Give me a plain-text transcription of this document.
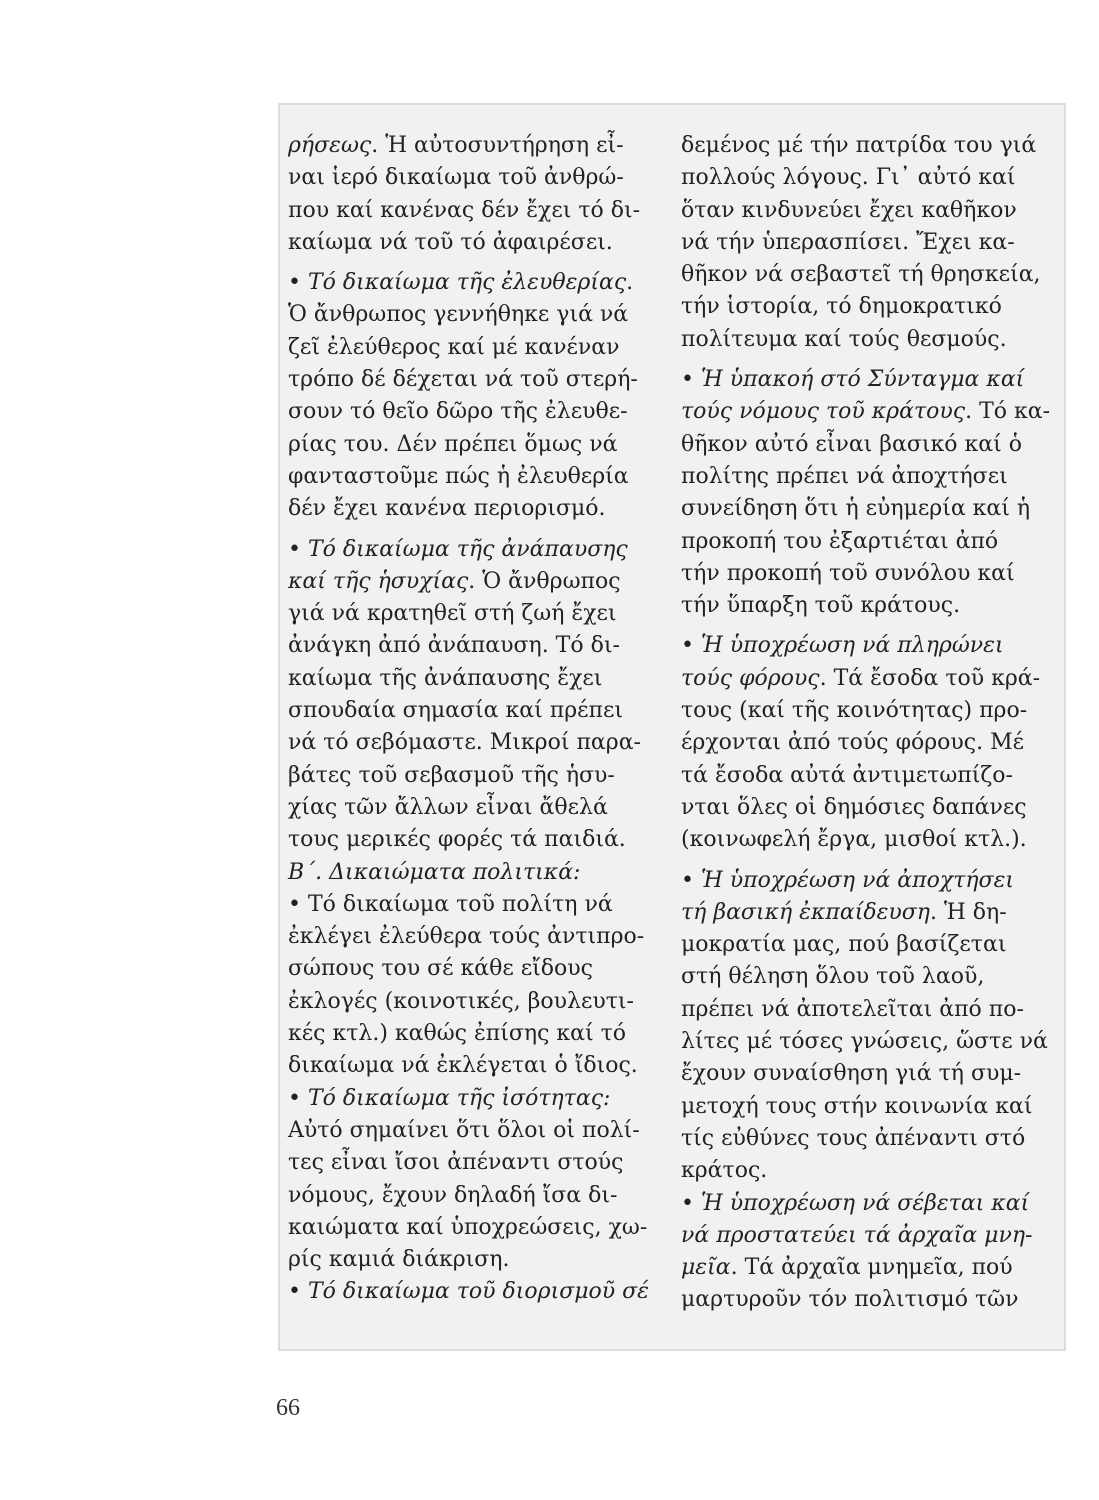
ρήσεως. Ἡ αὐτοσυντήρηση εἶ-
ναι ἱερό δικαίωμα τοῦ ἀνθρώ-
που καί κανένας δέν ἔχει τό δι-
καίωμα νά τοῦ τό ἀφαιρέσει.
• Τό δικαίωμα τῆς ἐλευθερίας.
Ὁ ἄνθρωπος γεννήθηκε γιά νά
ζεῖ ἐλεύθερος καί μέ κανέναν
τρόπο δέ δέχεται νά τοῦ στερή-
σουν τό θεῖο δῶρο τῆς ἐλευθε-
ρίας του. Δέν πρέπει ὅμως νά
φανταστοῦμε πώς ἡ ἐλευθερία
δέν ἔχει κανένα περιορισμό.
• Τό δικαίωμα τῆς ἀνάπαυσης
καί τῆς ἡσυχίας. Ὁ ἄνθρωπος
γιά νά κρατηθεῖ στή ζωή ἔχει
ἀνάγκη ἀπό ἀνάπαυση. Τό δι-
καίωμα τῆς ἀνάπαυσης ἔχει
σπουδαία σημασία καί πρέπει
νά τό σεβόμαστε. Μικροί παρα-
βάτες τοῦ σεβασμοῦ τῆς ἡσυ-
χίας τῶν ἄλλων εἶναι ἄθελά
τους μερικές φορές τά παιδιά.
Β΄. Δικαιώματα πολιτικά:
• Τό δικαίωμα τοῦ πολίτη νά
ἐκλέγει ἐλεύθερα τούς ἀντιπρο-
σώπους του σέ κάθε εἴδους
ἐκλογές (κοινοτικές, βουλευτι-
κές κτλ.) καθώς ἐπίσης καί τό
δικαίωμα νά ἐκλέγεται ὁ ἴδιος.
• Τό δικαίωμα τῆς ἰσότητας:
Αὐτό σημαίνει ὅτι ὅλοι οἱ πολί-
τες εἶναι ἴσοι ἀπέναντι στούς
νόμους, ἔχουν δηλαδή ἴσα δι-
καιώματα καί ὑποχρεώσεις, χω-
ρίς καμιά διάκριση.
• Τό δικαίωμα τοῦ διορισμοῦ σέ
δεμένος μέ τήν πατρίδα του γιά
πολλούς λόγους. Γι᾽ αὐτό καί
ὅταν κινδυνεύει ἔχει καθῆκον
νά τήν ὑπερασπίσει. Ἔχει κα-
θῆκον νά σεβαστεῖ τή θρησκεία,
τήν ἱστορία, τό δημοκρατικό
πολίτευμα καί τούς θεσμούς.
• Ἡ ὑπακοή στό Σύνταγμα καί
τούς νόμους τοῦ κράτους. Τό κα-
θῆκον αὐτό εἶναι βασικό καί ὁ
πολίτης πρέπει νά ἀποχτήσει
συνείδηση ὅτι ἡ εὐημερία καί ἡ
προκοπή του ἐξαρτιέται ἀπό
τήν προκοπή τοῦ συνόλου καί
τήν ὕπαρξη τοῦ κράτους.
• Ἡ ὑποχρέωση νά πληρώνει
τούς φόρους. Τά ἔσοδα τοῦ κρά-
τους (καί τῆς κοινότητας) προ-
έρχονται ἀπό τούς φόρους. Μέ
τά ἔσοδα αὐτά ἀντιμετωπίζο-
νται ὅλες οἱ δημόσιες δαπάνες
(κοινωφελή ἔργα, μισθοί κτλ.).
• Ἡ ὑποχρέωση νά ἀποχτήσει
τή βασική ἐκπαίδευση. Ἡ δη-
μοκρατία μας, πού βασίζεται
στή θέληση ὅλου τοῦ λαοῦ,
πρέπει νά ἀποτελεῖται ἀπό πο-
λίτες μέ τόσες γνώσεις, ὥστε νά
ἔχουν συναίσθηση γιά τή συμ-
μετοχή τους στήν κοινωνία καί
τίς εὐθύνες τους ἀπέναντι στό
κράτος.
• Ἡ ὑποχρέωση νά σέβεται καί
νά προστατεύει τά ἀρχαῖα μνη-
μεῖα. Τά ἀρχαῖα μνημεῖα, πού
μαρτυροῦν τόν πολιτισμό τῶν
66
